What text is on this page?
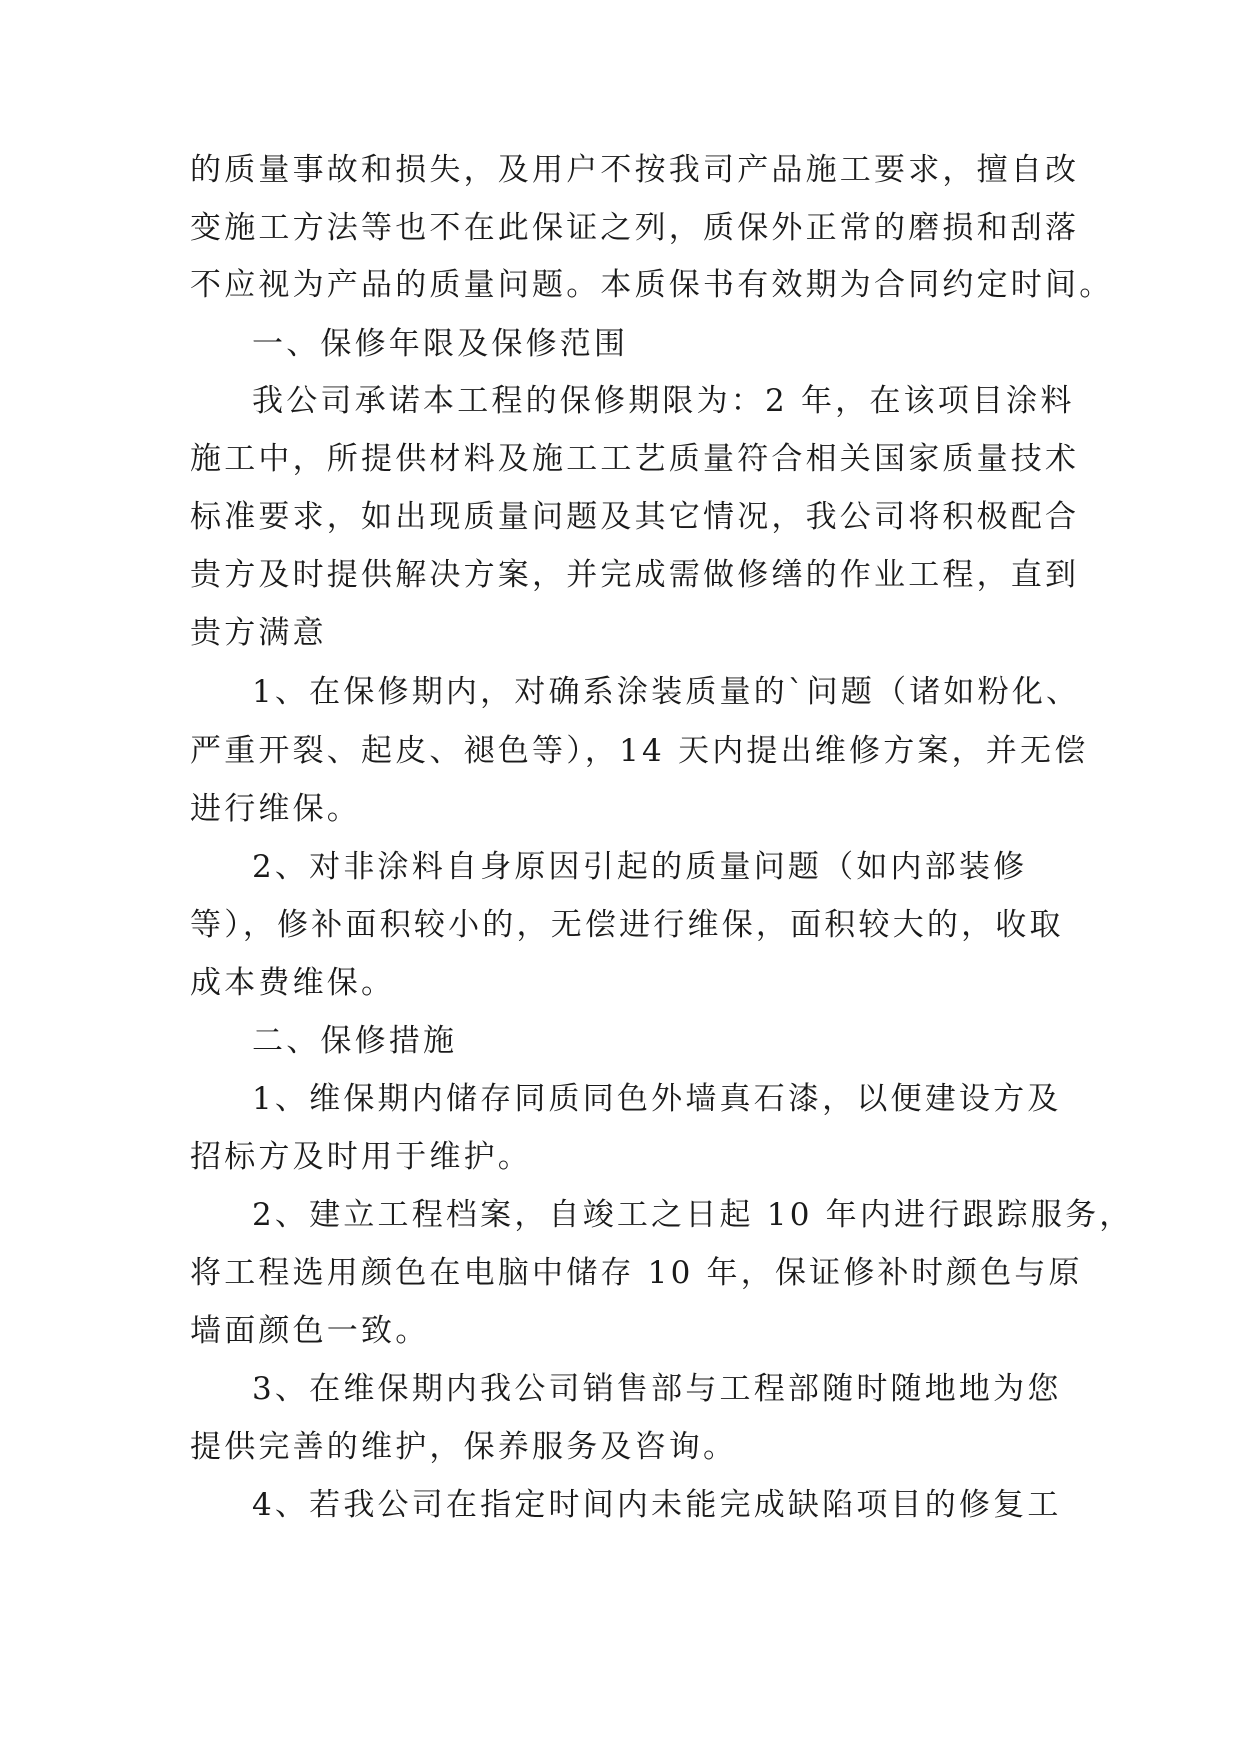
的质量事故和损失，及用户不按我司产品施工要求，擅自改
变施工方法等也不在此保证之列，质保外正常的磨损和刮落
不应视为产品的质量问题。本质保书有效期为合同约定时间。
一、保修年限及保修范围
我公司承诺本工程的保修期限为：2 年，在该项目涂料
施工中，所提供材料及施工工艺质量符合相关国家质量技术
标准要求，如出现质量问题及其它情况，我公司将积极配合
贵方及时提供解决方案，并完成需做修缮的作业工程，直到
贵方满意
1、在保修期内，对确系涂装质量的`问题（诸如粉化、
严重开裂、起皮、褪色等），14 天内提出维修方案，并无偿
进行维保。
2、对非涂料自身原因引起的质量问题（如内部装修
等），修补面积较小的，无偿进行维保，面积较大的，收取
成本费维保。
二、保修措施
1、维保期内储存同质同色外墙真石漆，以便建设方及
招标方及时用于维护。
2、建立工程档案，自竣工之日起 10 年内进行跟踪服务，
将工程选用颜色在电脑中储存 10 年，保证修补时颜色与原
墙面颜色一致。
3、在维保期内我公司销售部与工程部随时随地地为您
提供完善的维护，保养服务及咨询。
4、若我公司在指定时间内未能完成缺陷项目的修复工
